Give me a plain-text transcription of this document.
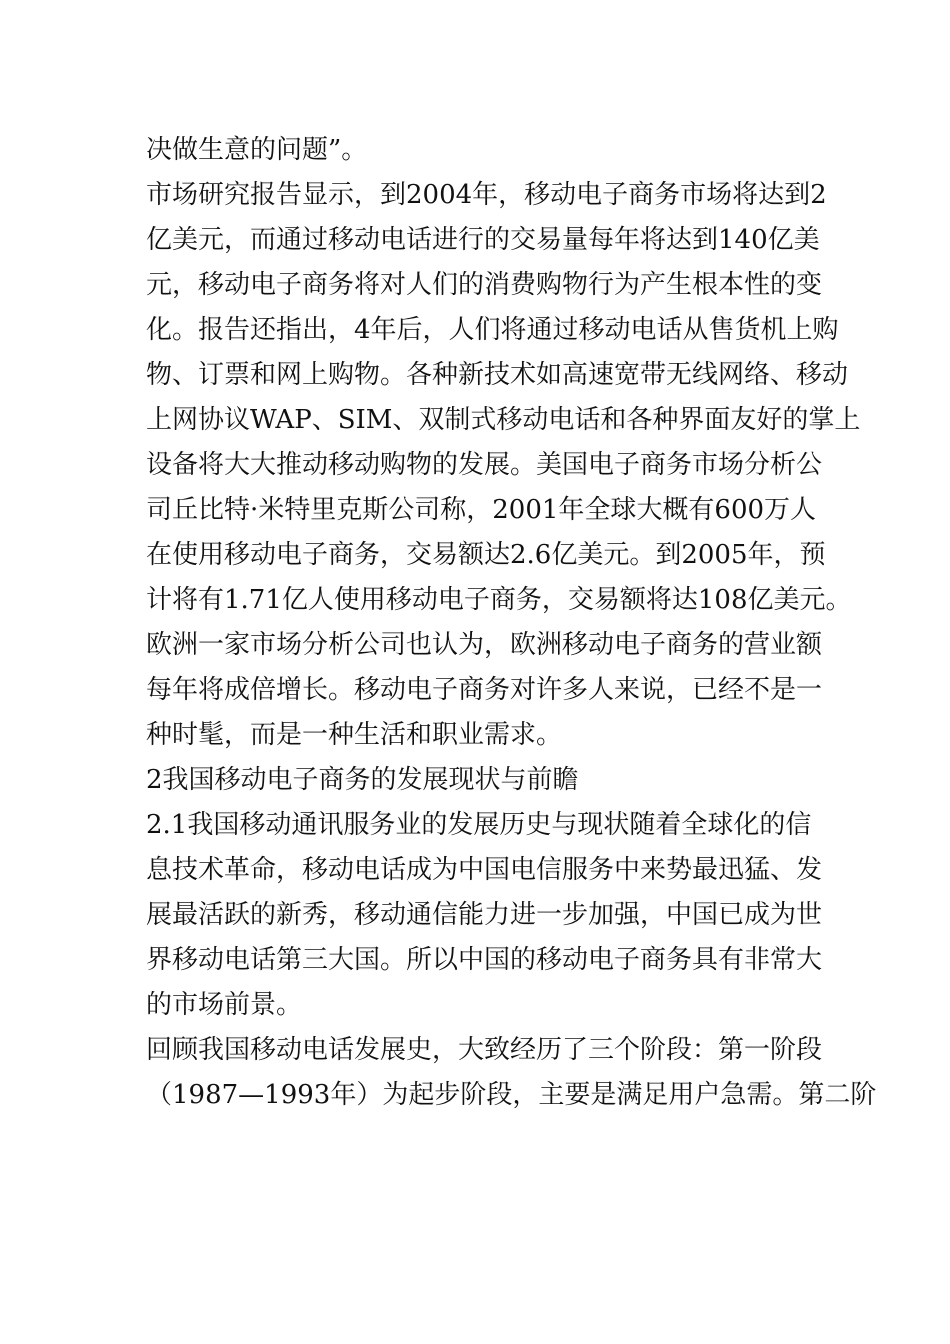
决做生意的问题”。
市场研究报告显示，到2004年，移动电子商务市场将达到2
亿美元，而通过移动电话进行的交易量每年将达到140亿美
元，移动电子商务将对人们的消费购物行为产生根本性的变
化。报告还指出，4年后，人们将通过移动电话从售货机上购
物、订票和网上购物。各种新技术如高速宽带无线网络、移动
上网协议WAP、SIM、双制式移动电话和各种界面友好的掌上
设备将大大推动移动购物的发展。美国电子商务市场分析公
司丘比特·米特里克斯公司称，2001年全球大概有600万人
在使用移动电子商务，交易额达2.6亿美元。到2005年，预
计将有1.71亿人使用移动电子商务，交易额将达108亿美元。
欧洲一家市场分析公司也认为，欧洲移动电子商务的营业额
每年将成倍增长。移动电子商务对许多人来说，已经不是一
种时髦，而是一种生活和职业需求。
2我国移动电子商务的发展现状与前瞻
2.1我国移动通讯服务业的发展历史与现状随着全球化的信
息技术革命，移动电话成为中国电信服务中来势最迅猛、发
展最活跃的新秀，移动通信能力进一步加强，中国已成为世
界移动电话第三大国。所以中国的移动电子商务具有非常大
的市场前景。
回顾我国移动电话发展史，大致经历了三个阶段：第一阶段
（1987—1993年）为起步阶段，主要是满足用户急需。第二阶
